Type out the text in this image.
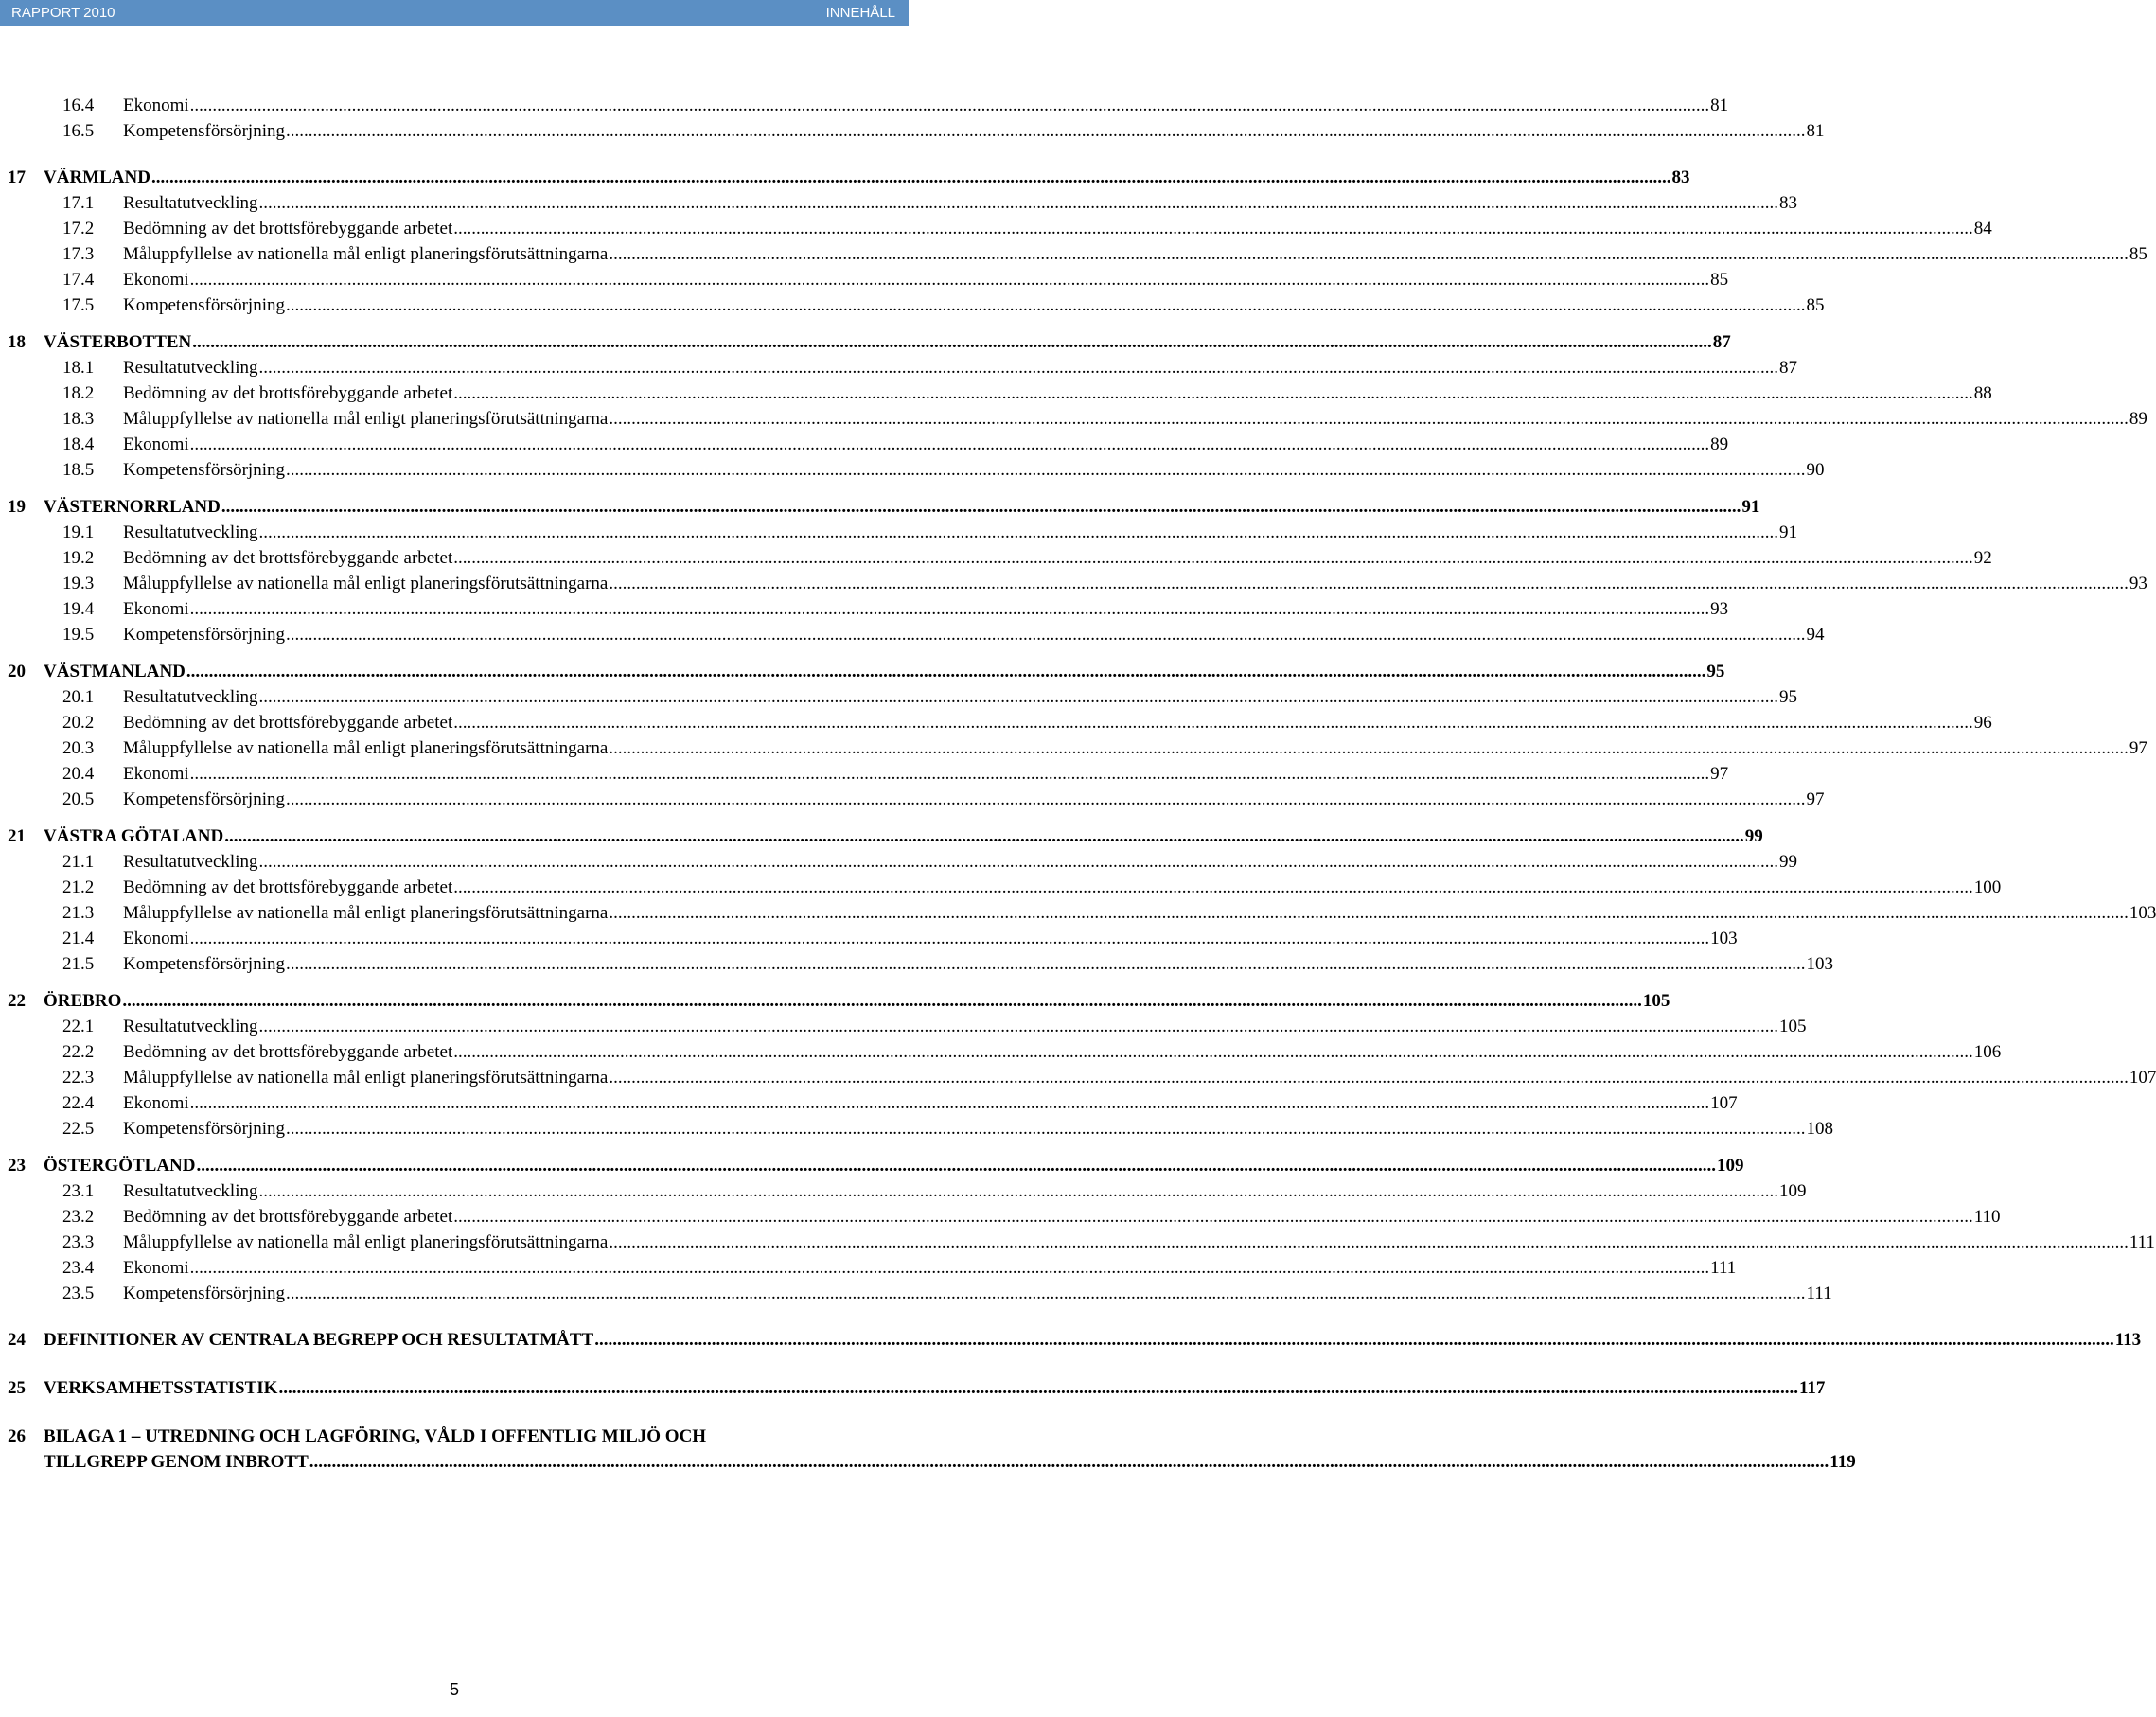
RAPPORT 2010	INNEHÅLL
16.4 Ekonomi .................................................................................................................................................................................................................................................................................................................................................. 81
16.5 Kompetensförsörjning .................................................................................................................................................................................................................................................................................................................................................. 81
17 VÄRMLAND .................................................................................................................................................................................................................................................................................................................................................. 83
17.1 Resultatutveckling .................................................................................................................................................................................................................................................................................................................................................. 83
17.2 Bedömning av det brottsförebyggande arbetet .................................................................................................................................................................................................................................................................................................................................................. 84
17.3 Måluppfyllelse av nationella mål enligt planeringsförutsättningarna .................................................................................................................................................................................................................................................................................................................................................. 85
17.4 Ekonomi .................................................................................................................................................................................................................................................................................................................................................. 85
17.5 Kompetensförsörjning .................................................................................................................................................................................................................................................................................................................................................. 85
18 VÄSTERBOTTEN .................................................................................................................................................................................................................................................................................................................................................. 87
18.1 Resultatutveckling .................................................................................................................................................................................................................................................................................................................................................. 87
18.2 Bedömning av det brottsförebyggande arbetet .................................................................................................................................................................................................................................................................................................................................................. 88
18.3 Måluppfyllelse av nationella mål enligt planeringsförutsättningarna .................................................................................................................................................................................................................................................................................................................................................. 89
18.4 Ekonomi .................................................................................................................................................................................................................................................................................................................................................. 89
18.5 Kompetensförsörjning .................................................................................................................................................................................................................................................................................................................................................. 90
19 VÄSTERNORRLAND .................................................................................................................................................................................................................................................................................................................................................. 91
19.1 Resultatutveckling .................................................................................................................................................................................................................................................................................................................................................. 91
19.2 Bedömning av det brottsförebyggande arbetet .................................................................................................................................................................................................................................................................................................................................................. 92
19.3 Måluppfyllelse av nationella mål enligt planeringsförutsättningarna .................................................................................................................................................................................................................................................................................................................................................. 93
19.4 Ekonomi .................................................................................................................................................................................................................................................................................................................................................. 93
19.5 Kompetensförsörjning .................................................................................................................................................................................................................................................................................................................................................. 94
20 VÄSTMANLAND .................................................................................................................................................................................................................................................................................................................................................. 95
20.1 Resultatutveckling .................................................................................................................................................................................................................................................................................................................................................. 95
20.2 Bedömning av det brottsförebyggande arbetet .................................................................................................................................................................................................................................................................................................................................................. 96
20.3 Måluppfyllelse av nationella mål enligt planeringsförutsättningarna .................................................................................................................................................................................................................................................................................................................................................. 97
20.4 Ekonomi .................................................................................................................................................................................................................................................................................................................................................. 97
20.5 Kompetensförsörjning .................................................................................................................................................................................................................................................................................................................................................. 97
21 VÄSTRA GÖTALAND .................................................................................................................................................................................................................................................................................................................................................. 99
21.1 Resultatutveckling .................................................................................................................................................................................................................................................................................................................................................. 99
21.2 Bedömning av det brottsförebyggande arbetet .................................................................................................................................................................................................................................................................................................................................................. 100
21.3 Måluppfyllelse av nationella mål enligt planeringsförutsättningarna .................................................................................................................................................................................................................................................................................................................................................. 103
21.4 Ekonomi .................................................................................................................................................................................................................................................................................................................................................. 103
21.5 Kompetensförsörjning .................................................................................................................................................................................................................................................................................................................................................. 103
22 ÖREBRO .................................................................................................................................................................................................................................................................................................................................................. 105
22.1 Resultatutveckling .................................................................................................................................................................................................................................................................................................................................................. 105
22.2 Bedömning av det brottsförebyggande arbetet .................................................................................................................................................................................................................................................................................................................................................. 106
22.3 Måluppfyllelse av nationella mål enligt planeringsförutsättningarna .................................................................................................................................................................................................................................................................................................................................................. 107
22.4 Ekonomi .................................................................................................................................................................................................................................................................................................................................................. 107
22.5 Kompetensförsörjning .................................................................................................................................................................................................................................................................................................................................................. 108
23 ÖSTERGÖTLAND .................................................................................................................................................................................................................................................................................................................................................. 109
23.1 Resultatutveckling .................................................................................................................................................................................................................................................................................................................................................. 109
23.2 Bedömning av det brottsförebyggande arbetet .................................................................................................................................................................................................................................................................................................................................................. 110
23.3 Måluppfyllelse av nationella mål enligt planeringsförutsättningarna .................................................................................................................................................................................................................................................................................................................................................. 111
23.4 Ekonomi .................................................................................................................................................................................................................................................................................................................................................. 111
23.5 Kompetensförsörjning .................................................................................................................................................................................................................................................................................................................................................. 111
24 DEFINITIONER AV CENTRALA BEGREPP OCH RESULTATMÅTT .................................................................................................................................................................................................................................................................................................................................................. 113
25 VERKSAMHETSSTATISTIK .................................................................................................................................................................................................................................................................................................................................................. 117
26 BILAGA 1 – UTREDNING OCH LAGFÖRING, VÅLD I OFFENTLIG MILJÖ OCH
TILLGREPP GENOM INBROTT .................................................................................................................................................................................................................................................................................................................................................. 119
5
